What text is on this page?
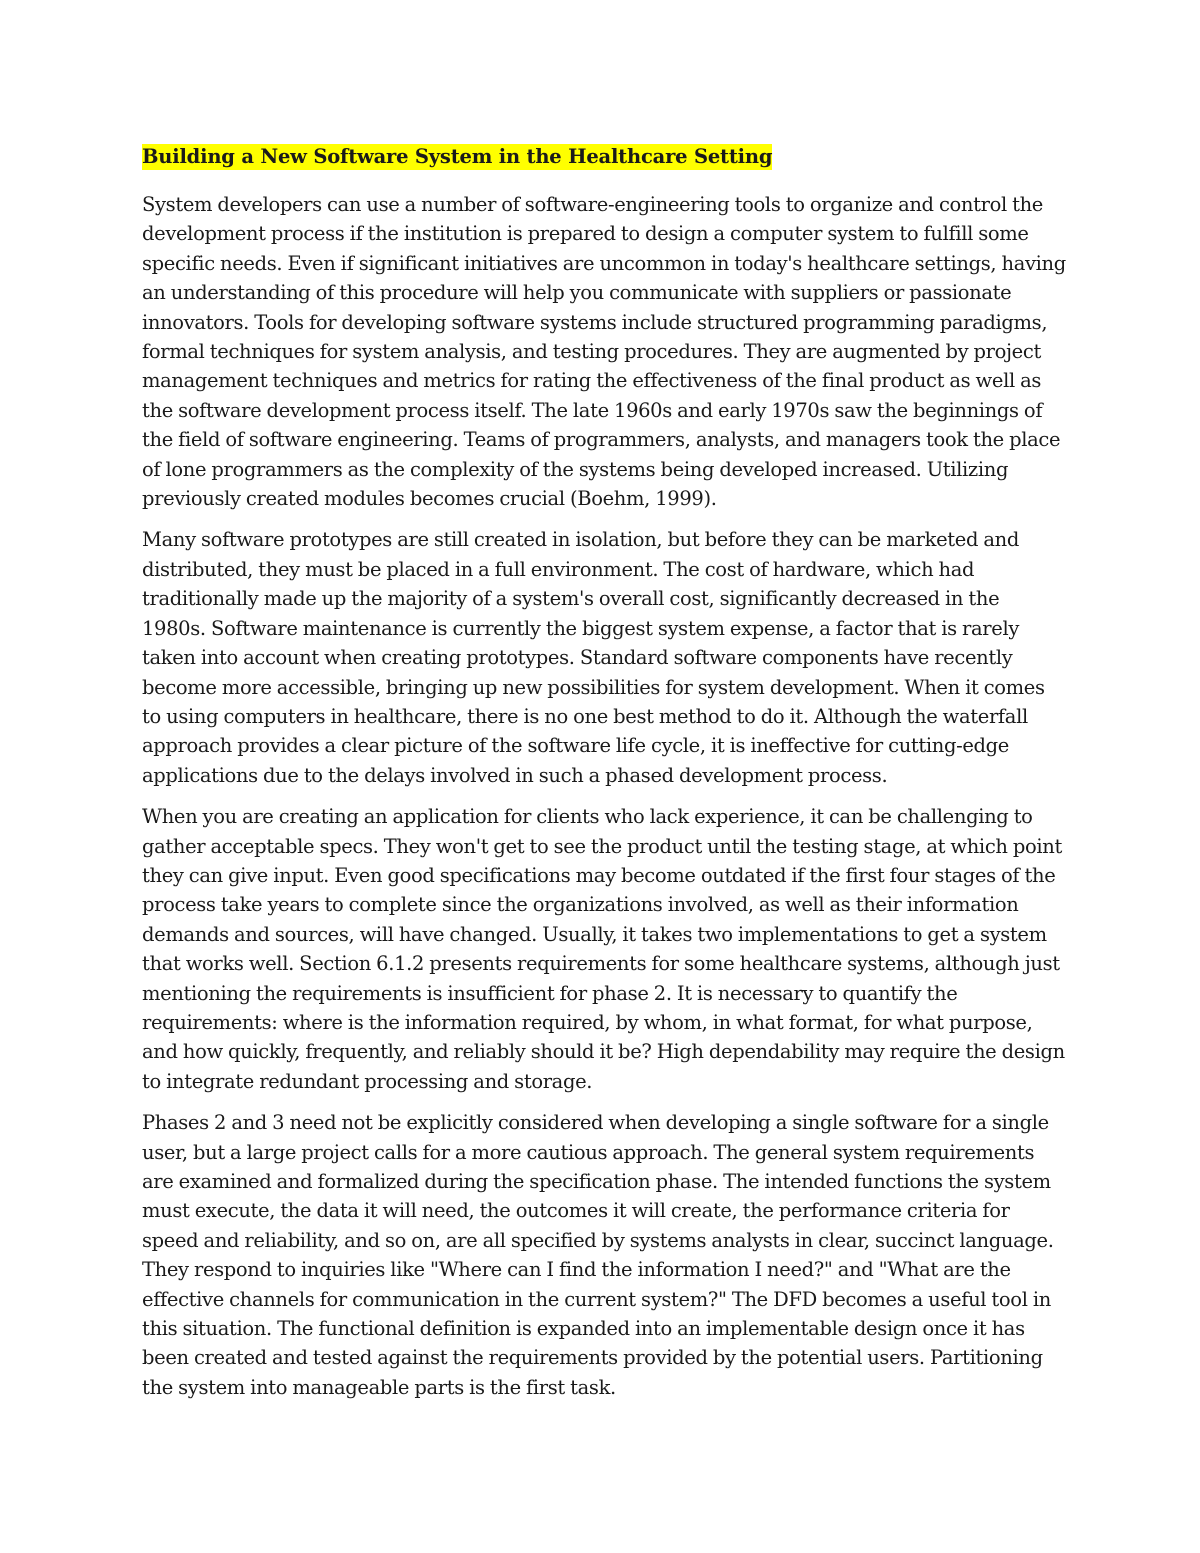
Building a New Software System in the Healthcare Setting

System developers can use a number of software-engineering tools to organize and control the development process if the institution is prepared to design a computer system to fulfill some specific needs. Even if significant initiatives are uncommon in today's healthcare settings, having an understanding of this procedure will help you communicate with suppliers or passionate innovators. Tools for developing software systems include structured programming paradigms, formal techniques for system analysis, and testing procedures. They are augmented by project management techniques and metrics for rating the effectiveness of the final product as well as the software development process itself. The late 1960s and early 1970s saw the beginnings of the field of software engineering. Teams of programmers, analysts, and managers took the place of lone programmers as the complexity of the systems being developed increased. Utilizing previously created modules becomes crucial (Boehm, 1999).

Many software prototypes are still created in isolation, but before they can be marketed and distributed, they must be placed in a full environment. The cost of hardware, which had traditionally made up the majority of a system's overall cost, significantly decreased in the 1980s. Software maintenance is currently the biggest system expense, a factor that is rarely taken into account when creating prototypes. Standard software components have recently become more accessible, bringing up new possibilities for system development. When it comes to using computers in healthcare, there is no one best method to do it. Although the waterfall approach provides a clear picture of the software life cycle, it is ineffective for cutting-edge applications due to the delays involved in such a phased development process.

When you are creating an application for clients who lack experience, it can be challenging to gather acceptable specs. They won't get to see the product until the testing stage, at which point they can give input. Even good specifications may become outdated if the first four stages of the process take years to complete since the organizations involved, as well as their information demands and sources, will have changed. Usually, it takes two implementations to get a system that works well. Section 6.1.2 presents requirements for some healthcare systems, although just mentioning the requirements is insufficient for phase 2. It is necessary to quantify the requirements: where is the information required, by whom, in what format, for what purpose, and how quickly, frequently, and reliably should it be? High dependability may require the design to integrate redundant processing and storage.

Phases 2 and 3 need not be explicitly considered when developing a single software for a single user, but a large project calls for a more cautious approach. The general system requirements are examined and formalized during the specification phase. The intended functions the system must execute, the data it will need, the outcomes it will create, the performance criteria for speed and reliability, and so on, are all specified by systems analysts in clear, succinct language. They respond to inquiries like "Where can I find the information I need?" and "What are the effective channels for communication in the current system?" The DFD becomes a useful tool in this situation. The functional definition is expanded into an implementable design once it has been created and tested against the requirements provided by the potential users. Partitioning the system into manageable parts is the first task.
